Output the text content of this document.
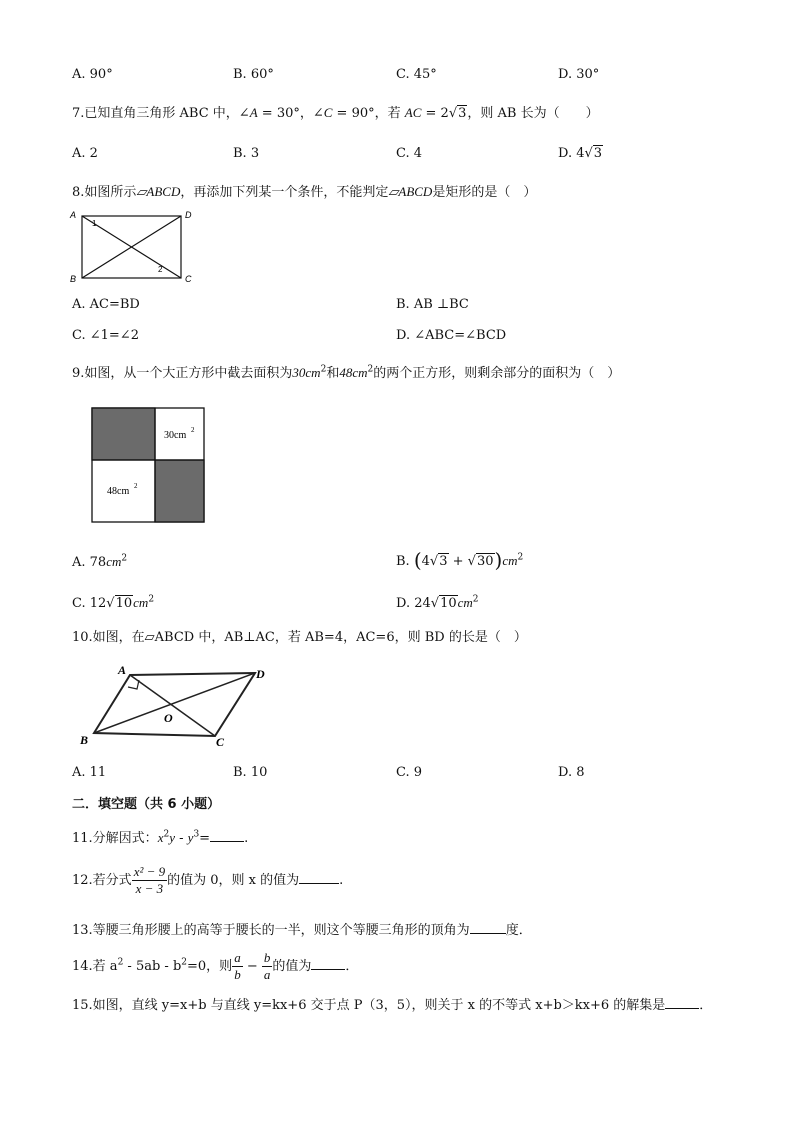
A. 90°	B. 60°	C. 45°	D. 30°
7.已知直角三角形 ABC 中，∠A = 30°，∠C = 90°，若 AC = 2√3，则 AB 长为（　　）
A. 2	B. 3	C. 4	D. 4√3
8.如图所示▱ABCD，再添加下列某一个条件，不能判定▱ABCD是矩形的是（　）
A	D
B	C
1
2
A. AC=BD	B. AB ⊥BC
C. ∠1=∠2	D. ∠ABC=∠BCD
9.如图，从一个大正方形中截去面积为$30cm^2$和$48cm^2$的两个正方形，则剩余部分的面积为（　）
30cm 2
48cm 2
A. $78cm^2$	B. $(4√3 + √30)cm^2$
C. $12√10cm^2$	D. $24√10cm^2$
10.如图，在▱ABCD 中，AB⊥AC，若 AB=4，AC=6，则 BD 的长是（　）
A	D
B	C
O
A. 11	B. 10	C. 9	D. 8
二．填空题（共 6 小题）
11.分解因式：$x^2y - y^3=$	.
12.若分式 $\frac{\text{x² − 9}}{x - 3}$ 的值为 0，则 x 的值为	.
13.等腰三角形腰上的高等于腰长的一半，则这个等腰三角形的顶角为	度．
14.若 $a^2 - 5ab - b^2=0$，则 $\frac{a}{b} - \frac{b}{a}$ 的值为	．
15.如图，直线 y=x+b 与直线 y=kx+6 交于点 P（3，5），则关于 x 的不等式 x+b＞kx+6 的解集是	．
